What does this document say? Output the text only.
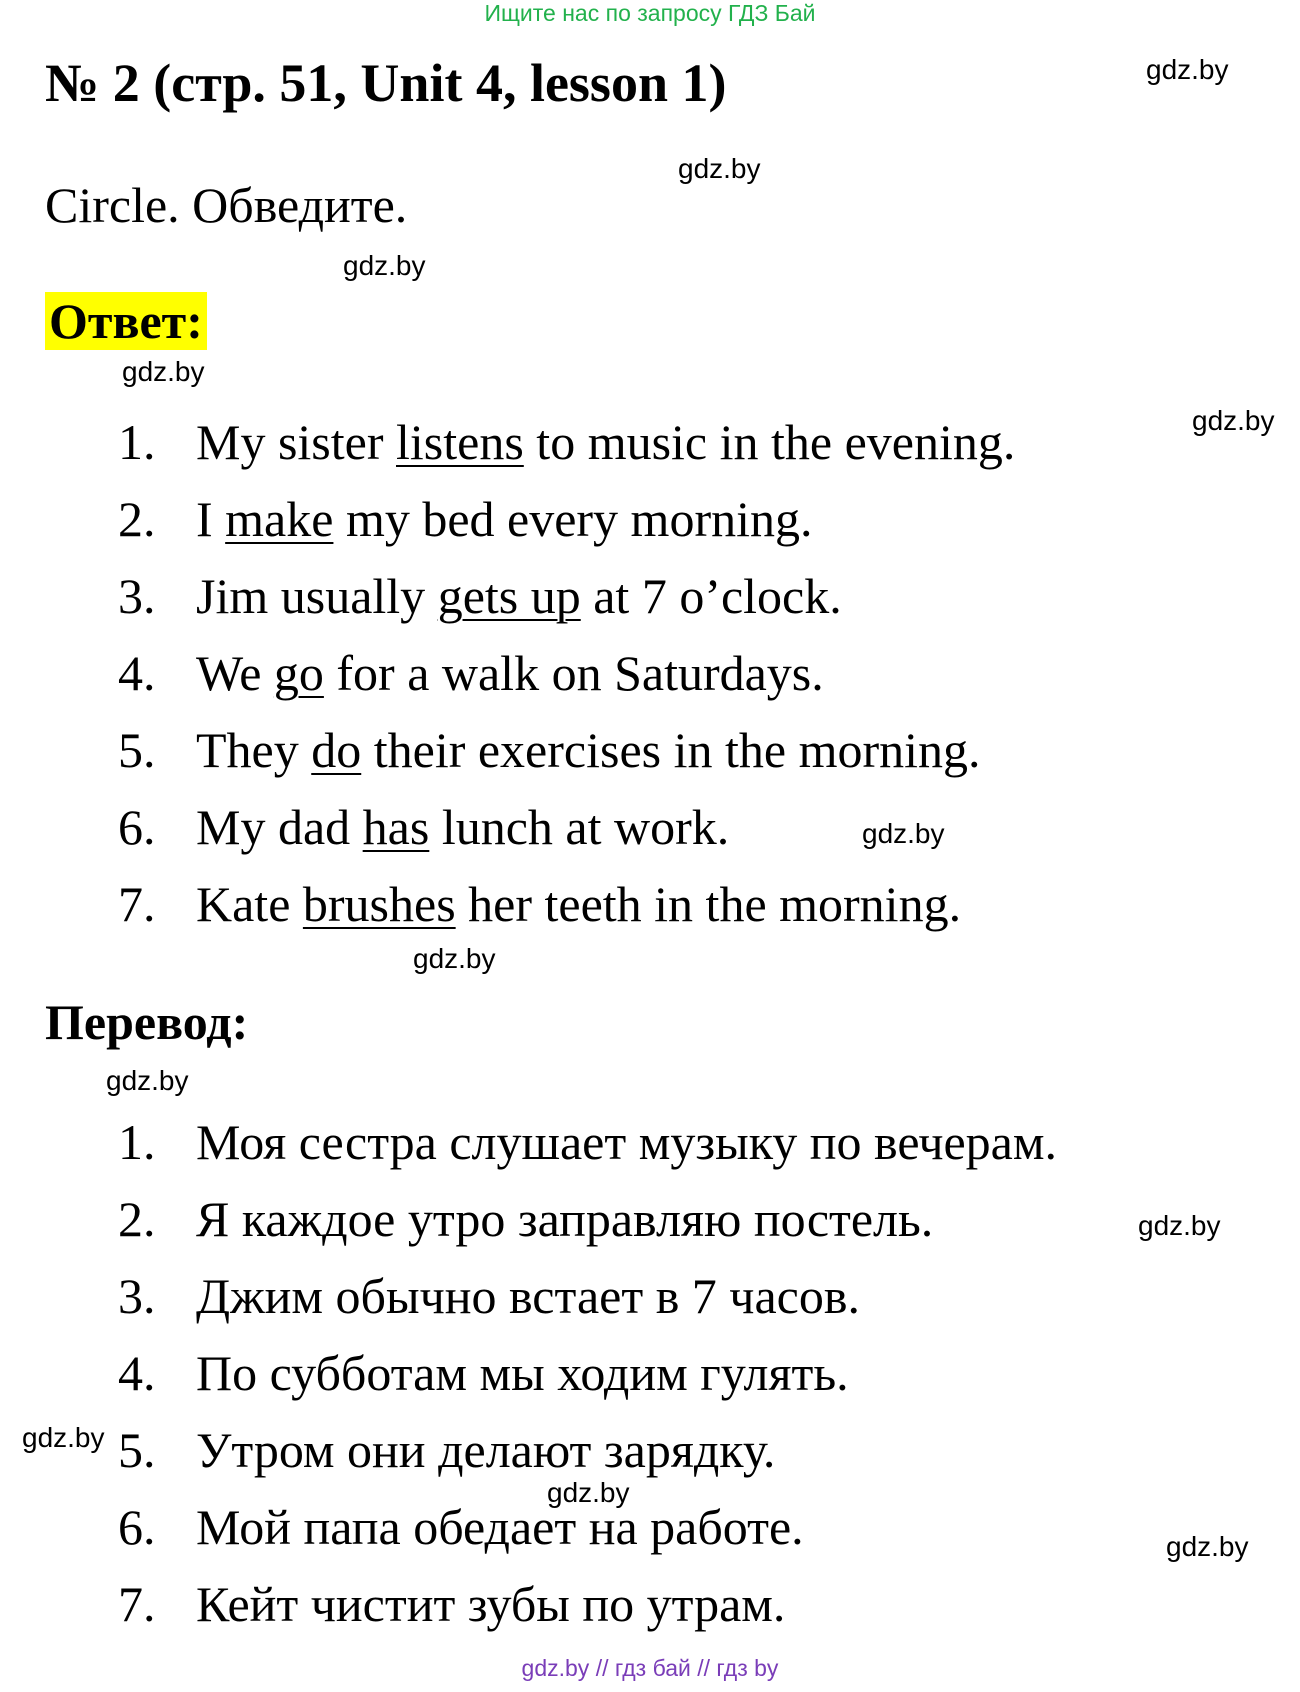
Ищите нас по запросу ГДЗ Бай
№ 2 (стр. 51, Unit 4, lesson 1)	gdz.by
Circle. Обведите.
gdz.by
gdz.by
Ответ:
gdz.by
gdz.by
1. My sister listens to music in the evening.
2. I make my bed every morning.
3. Jim usually gets up at 7 o’clock.
4. We go for a walk on Saturdays.
5. They do their exercises in the morning.
6. My dad has lunch at work.
7. Kate brushes her teeth in the morning.
gdz.by
gdz.by
Перевод:
gdz.by
1. Моя сестра слушает музыку по вечерам.
2. Я каждое утро заправляю постель.
3. Джим обычно встает в 7 часов.
4. По субботам мы ходим гулять.
5. Утром они делают зарядку.
6. Мой папа обедает на работе.
7. Кейт чистит зубы по утрам.
gdz.by
gdz.by
gdz.by
gdz.by
gdz.by // гдз бай // гдз by
